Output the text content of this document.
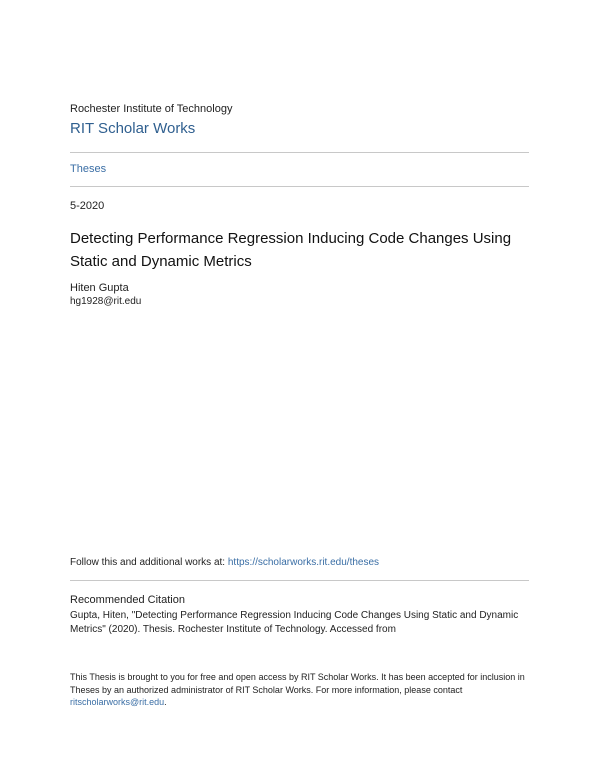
Rochester Institute of Technology
RIT Scholar Works
Theses
5-2020
Detecting Performance Regression Inducing Code Changes Using Static and Dynamic Metrics
Hiten Gupta
hg1928@rit.edu
Follow this and additional works at: https://scholarworks.rit.edu/theses
Recommended Citation
Gupta, Hiten, "Detecting Performance Regression Inducing Code Changes Using Static and Dynamic Metrics" (2020). Thesis. Rochester Institute of Technology. Accessed from
This Thesis is brought to you for free and open access by RIT Scholar Works. It has been accepted for inclusion in Theses by an authorized administrator of RIT Scholar Works. For more information, please contact ritscholarworks@rit.edu.
